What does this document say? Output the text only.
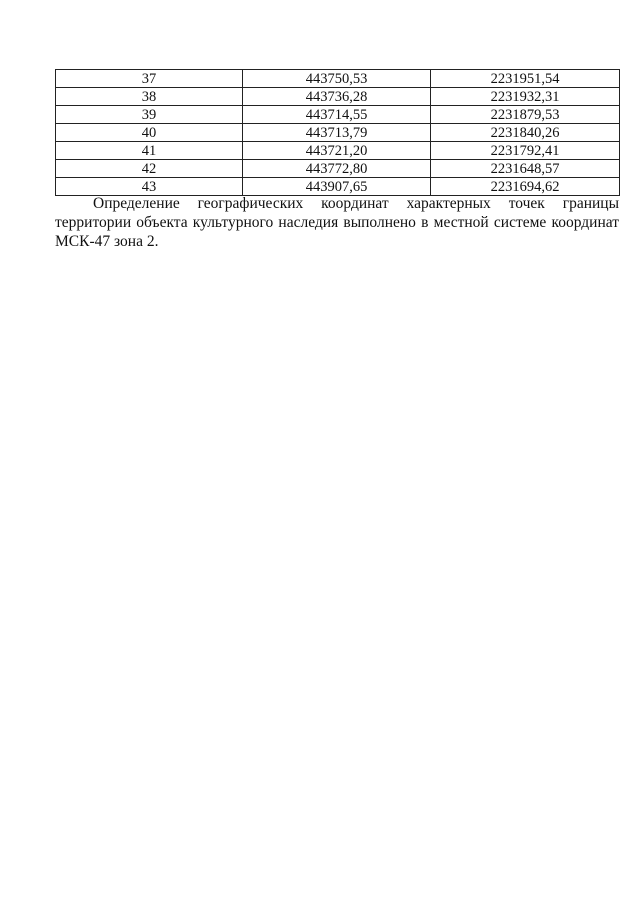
37	443750,53	2231951,54
38	443736,28	2231932,31
39	443714,55	2231879,53
40	443713,79	2231840,26
41	443721,20	2231792,41
42	443772,80	2231648,57
43	443907,65	2231694,62

Определение географических координат характерных точек границы территории объекта культурного наследия выполнено в местной системе координат МСК-47 зона 2.
